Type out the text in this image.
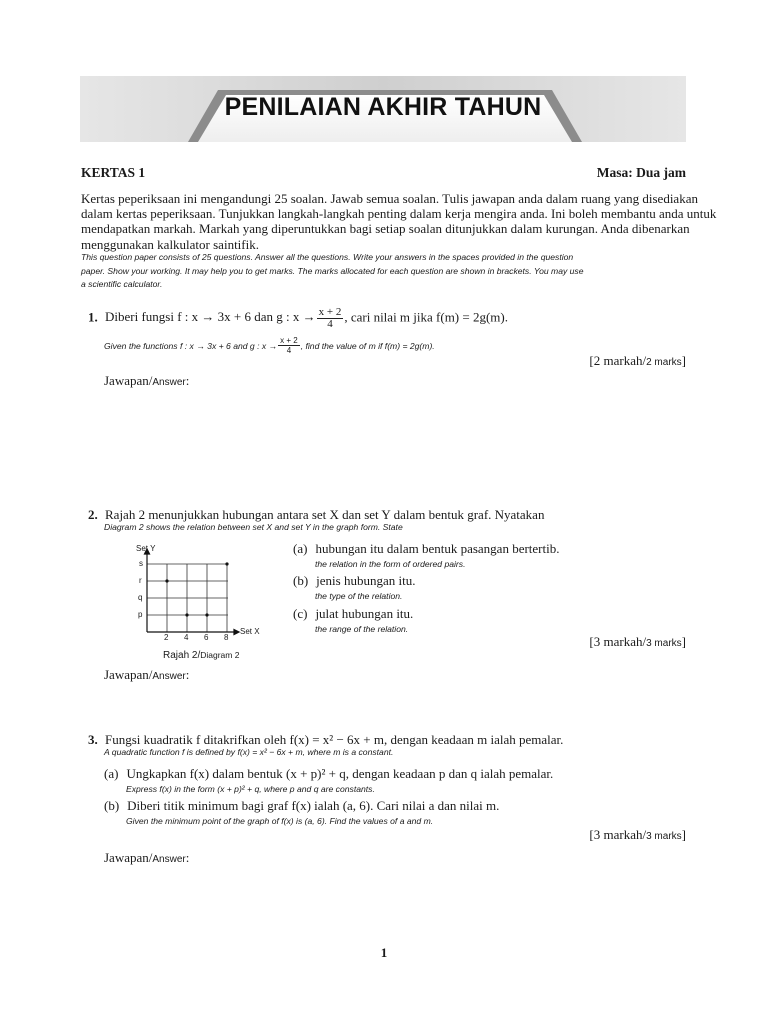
PENILAIAN AKHIR TAHUN
KERTAS 1	Masa: Dua jam
Kertas peperiksaan ini mengandungi 25 soalan. Jawab semua soalan. Tulis jawapan anda dalam ruang yang disediakan
dalam kertas peperiksaan. Tunjukkan langkah-langkah penting dalam kerja mengira anda. Ini boleh membantu anda untuk
mendapatkan markah. Markah yang diperuntukkan bagi setiap soalan ditunjukkan dalam kurungan. Anda dibenarkan
menggunakan kalkulator saintifik.
This question paper consists of 25 questions. Answer all the questions. Write your answers in the spaces provided in the question
paper. Show your working. It may help you to get marks. The marks allocated for each question are shown in brackets. You may use
a scientific calculator.
1. Diberi fungsi f : x → 3x + 6 dan g : $x \to \frac{x + 2}{4}$ , cari nilai m jika f(m) = 2g(m).
Given the functions f : x → 3x + 6 and g : $x \to \frac{x + 2}{4}$ , find the value of m if f(m) = 2g(m).
[2 markah/2 marks]
Jawapan/Answer:
2. Rajah 2 menunjukkan hubungan antara set X dan set Y dalam bentuk graf. Nyatakan
Diagram 2 shows the relation between set X and set Y in the graph form. State
Set Y
Set X
p
q
r
s
2 4 6 8
Rajah 2/Diagram 2
(a) hubungan itu dalam bentuk pasangan bertertib.
the relation in the form of ordered pairs.
(b) jenis hubungan itu.
the type of the relation.
(c) julat hubungan itu.
the range of the relation.
[3 markah/3 marks]
Jawapan/Answer:
3. Fungsi kuadratik f ditakrifkan oleh f(x) = x² − 6x + m, dengan keadaan m ialah pemalar.
A quadratic function f is defined by f(x) = x² − 6x + m, where m is a constant.
(a) Ungkapkan f(x) dalam bentuk (x + p)² + q, dengan keadaan p dan q ialah pemalar.
Express f(x) in the form (x + p)² + q, where p and q are constants.
(b) Diberi titik minimum bagi graf f(x) ialah (a, 6). Cari nilai a dan nilai m.
Given the minimum point of the graph of f(x) is (a, 6). Find the values of a and m.
[3 markah/3 marks]
Jawapan/Answer:
1
